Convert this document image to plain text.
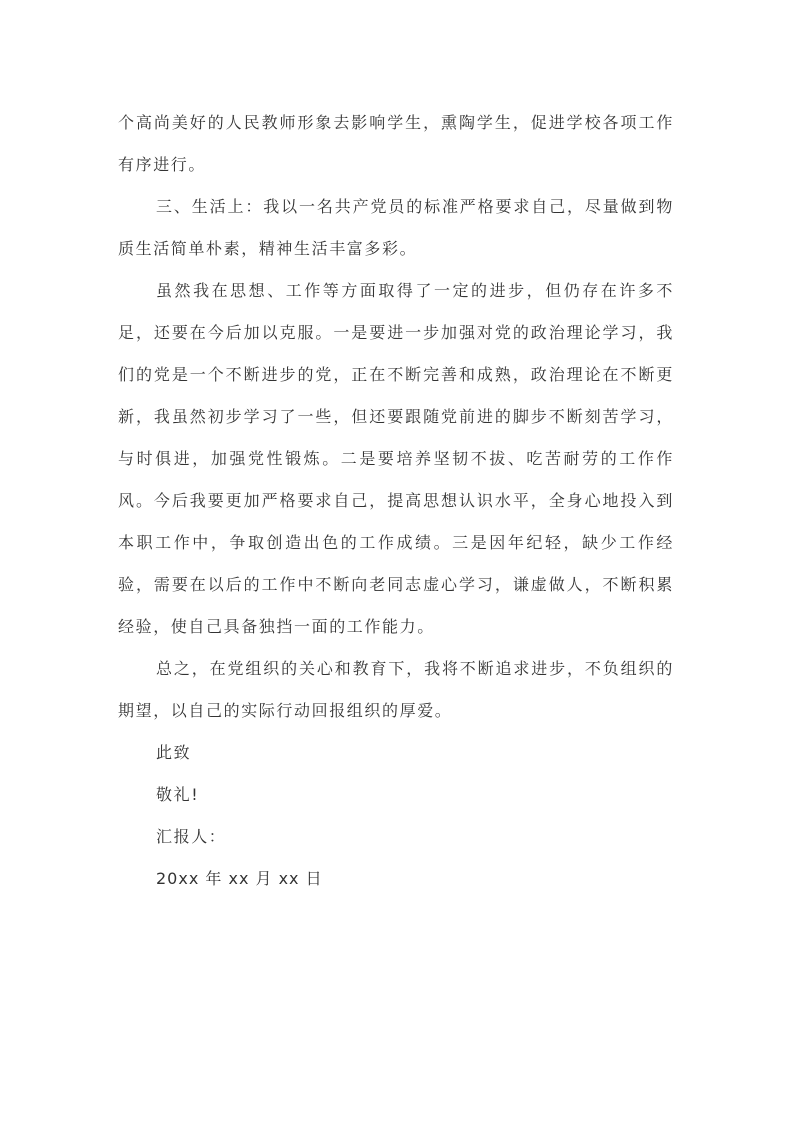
个高尚美好的人民教师形象去影响学生，熏陶学生，促进学校各项工作有序进行。

三、生活上：我以一名共产党员的标准严格要求自己，尽量做到物质生活简单朴素，精神生活丰富多彩。

虽然我在思想、工作等方面取得了一定的进步，但仍存在许多不足，还要在今后加以克服。一是要进一步加强对党的政治理论学习，我们的党是一个不断进步的党，正在不断完善和成熟，政治理论在不断更新，我虽然初步学习了一些，但还要跟随党前进的脚步不断刻苦学习，与时俱进，加强党性锻炼。二是要培养坚韧不拔、吃苦耐劳的工作作风。今后我要更加严格要求自己，提高思想认识水平，全身心地投入到本职工作中，争取创造出色的工作成绩。三是因年纪轻，缺少工作经验，需要在以后的工作中不断向老同志虚心学习，谦虚做人，不断积累经验，使自己具备独挡一面的工作能力。

总之，在党组织的关心和教育下，我将不断追求进步，不负组织的期望，以自己的实际行动回报组织的厚爱。

此致

敬礼!

汇报人：

20xx 年 xx 月 xx 日
